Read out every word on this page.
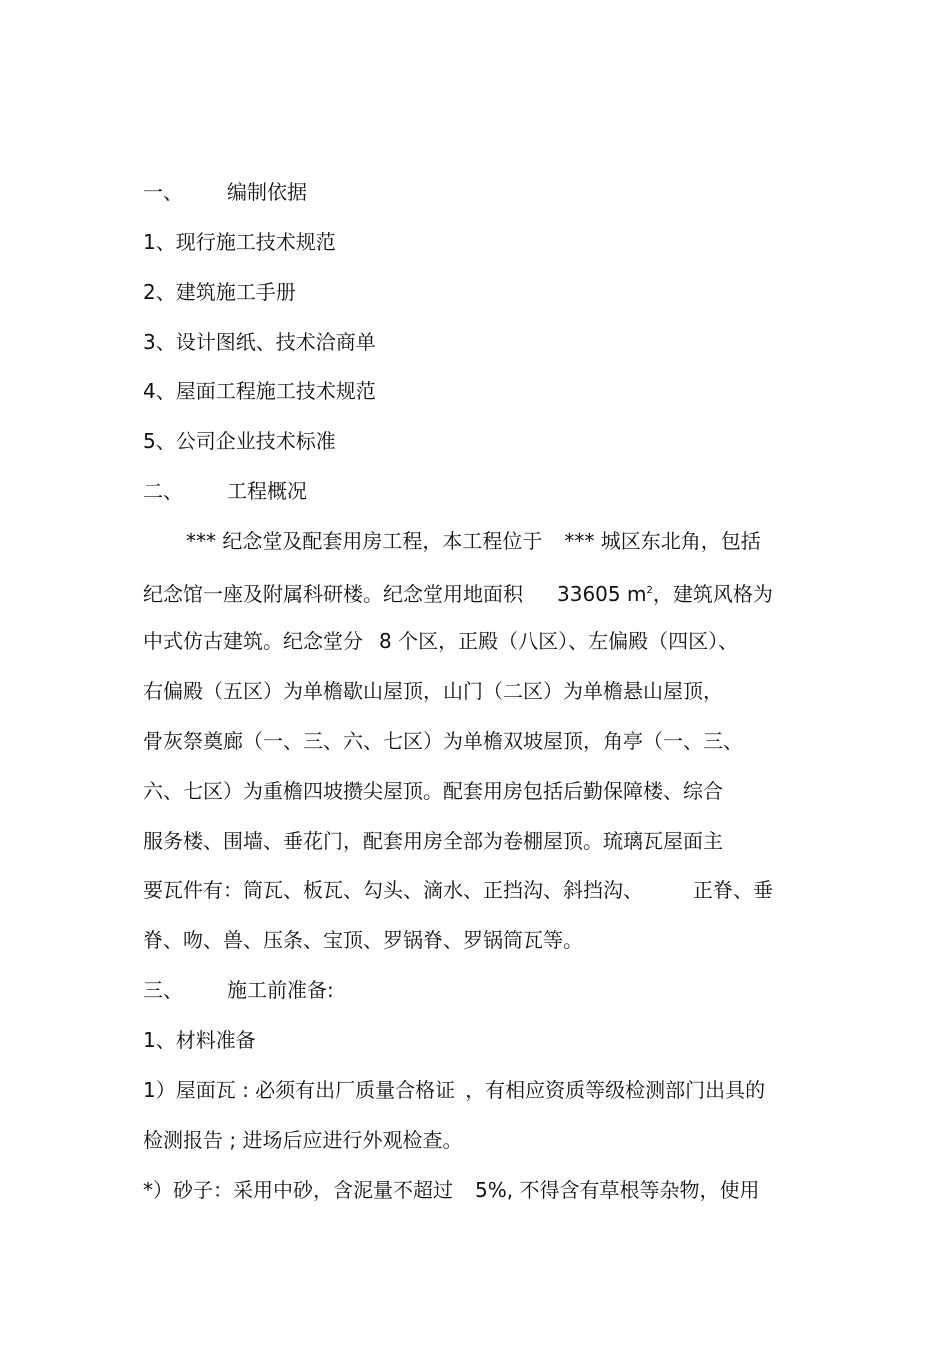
一、 编制依据
1、现行施工技术规范
2、建筑施工手册
3、设计图纸、技术洽商单
4、屋面工程施工技术规范
5、公司企业技术标准
二、 工程概况
*** 纪念堂及配套用房工程，本工程位于 *** 城区东北角，包括
纪念馆一座及附属科研楼。纪念堂用地面积 33605 $m^2$，建筑风格为
中式仿古建筑。纪念堂分 8 个区，正殿（八区）、左偏殿（四区）、
右偏殿（五区）为单檐歇山屋顶，山门（二区）为单檐悬山屋顶，
骨灰祭奠廊（一、三、六、七区）为单檐双坡屋顶，角亭（一、三、
六、七区）为重檐四坡攒尖屋顶。配套用房包括后勤保障楼、综合
服务楼、围墙、垂花门，配套用房全部为卷棚屋顶。琉璃瓦屋面主
要瓦件有：筒瓦、板瓦、勾头、滴水、正挡沟、斜挡沟、	正脊、垂
脊、吻、兽、压条、宝顶、罗锅脊、罗锅筒瓦等。
三、 施工前准备:
1、材料准备
1）屋面瓦 : 必须有出厂质量合格证 ，有相应资质等级检测部门出具的
检测报告 ; 进场后应进行外观检查。
*）砂子：采用中砂，含泥量不超过 5%, 不得含有草根等杂物，使用
